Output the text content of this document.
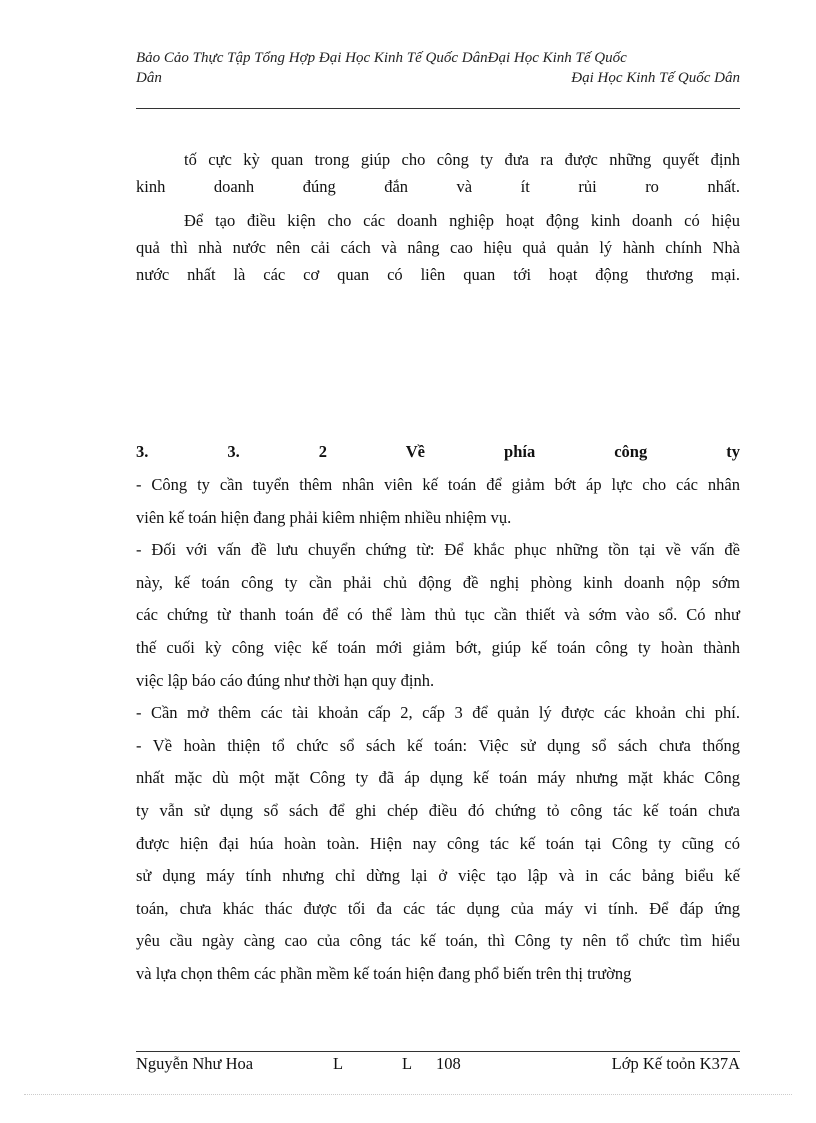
Bảo Cảo Thực Tập Tổng Hợp Đại Học Kinh Tế Quốc DânĐại Học Kinh Tế Quốc
Dân	Đại Học Kinh Tế Quốc Dân
tố cực kỳ quan trong giúp cho công ty đưa ra được những quyết định
kinh doanh đúng đắn và ít rủi ro nhất.
Để tạo điều kiện cho các doanh nghiệp hoạt động kinh doanh có hiệu
quả thì nhà nước nên cải cách và nâng cao hiệu quả quản lý hành chính Nhà
nước nhất là các cơ quan có liên quan tới hoạt động thương mại.
3. 3. 2 Về phía công ty
- Công ty cần tuyển thêm nhân viên kế toán để giảm bớt áp lực cho các nhân
viên kế toán hiện đang phải kiêm nhiệm nhiều nhiệm vụ.
- Đối với vấn đề lưu chuyển chứng từ: Để khắc phục những tồn tại về vấn đề
này, kế toán công ty cần phải chủ động đề nghị phòng kinh doanh nộp sớm
các chứng từ thanh toán để có thể làm thủ tục cần thiết và sớm vào sổ. Có như
thế cuối kỳ công việc kế toán mới giảm bớt, giúp kế toán công ty hoàn thành
việc lập báo cáo đúng như thời hạn quy định.
- Cần mở thêm các tài khoản cấp 2, cấp 3 để quản lý được các khoản chi phí.
- Về hoàn thiện tổ chức sổ sách kế toán: Việc sử dụng sổ sách chưa thống
nhất mặc dù một mặt Công ty đã áp dụng kế toán máy nhưng mặt khác Công
ty vẫn sử dụng sổ sách để ghi chép điều đó chứng tỏ công tác kế toán chưa
được hiện đại húa hoàn toàn. Hiện nay công tác kế toán tại Công ty cũng có
sử dụng máy tính nhưng chỉ dừng lại ở việc tạo lập và in các bảng biểu kế
toán, chưa khác thác được tối đa các tác dụng của máy vi tính. Để đáp ứng
yêu cầu ngày càng cao của công tác kế toán, thì Công ty nên tổ chức tìm hiểu
và lựa chọn thêm các phần mềm kế toán hiện đang phổ biến trên thị trường
Nguyễn Như Hoa	L	L 108	Lớp Kế toỏn K37A
